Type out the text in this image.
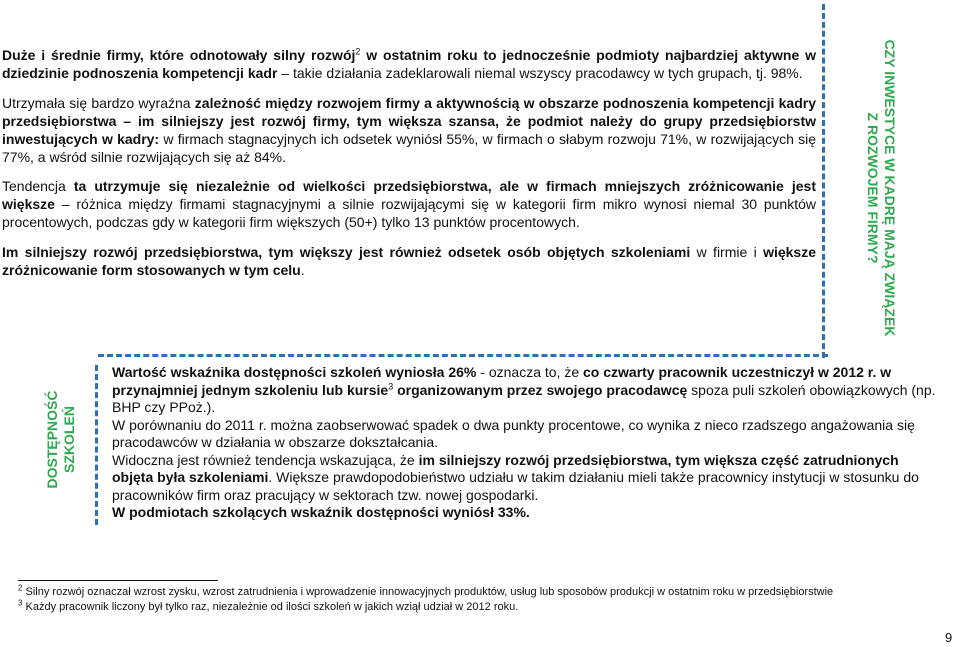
Duże i średnie firmy, które odnotowały silny rozwój$^2$ w ostatnim roku to jednocześnie podmioty najbardziej aktywne w dziedzinie podnoszenia kompetencji kadr – takie działania zadeklarowali niemal wszyscy pracodawcy w tych grupach, tj. 98%.

Utrzymała się bardzo wyraźna zależność między rozwojem firmy a aktywnością w obszarze podnoszenia kompetencji kadry przedsiębiorstwa – im silniejszy jest rozwój firmy, tym większa szansa, że podmiot należy do grupy przedsiębiorstw inwestujących w kadry: w firmach stagnacyjnych ich odsetek wyniósł 55%, w firmach o słabym rozwoju 71%, w rozwijających się 77%, a wśród silnie rozwijających się aż 84%.

Tendencja ta utrzymuje się niezależnie od wielkości przedsiębiorstwa, ale w firmach mniejszych zróżnicowanie jest większe – różnica między firmami stagnacyjnymi a silnie rozwijającymi się w kategorii firm mikro wynosi niemal 30 punktów procentowych, podczas gdy w kategorii firm większych (50+) tylko 13 punktów procentowych.

Im silniejszy rozwój przedsiębiorstwa, tym większy jest również odsetek osób objętych szkoleniami w firmie i większe zróżnicowanie form stosowanych w tym celu.	CZY INWESTYCE W KADRĘ MAJĄ ZWIĄZEK
Z ROZWOJEM FIRMY?
DOSTĘPNOŚĆ SZKOLEŃ

Wartość wskaźnika dostępności szkoleń wyniosła 26% - oznacza to, że co czwarty pracownik uczestniczył w 2012 r. w przynajmniej jednym szkoleniu lub kursie$^3$ organizowanym przez swojego pracodawcę spoza puli szkoleń obowiązkowych (np. BHP czy PPoż.).

W porównaniu do 2011 r. można zaobserwować spadek o dwa punkty procentowe, co wynika z nieco rzadszego angażowania się pracodawców w działania w obszarze dokształcania.

Widoczna jest również tendencja wskazująca, że im silniejszy rozwój przedsiębiorstwa, tym większa część zatrudnionych objęta była szkoleniami. Większe prawdopodobieństwo udziału w takim działaniu mieli także pracownicy instytucji w stosunku do pracowników firm oraz pracujący w sektorach tzw. nowej gospodarki.

W podmiotach szkolących wskaźnik dostępności wyniósł 33%.

$^2$ Silny rozwój oznaczał wzrost zysku, wzrost zatrudnienia i wprowadzenie innowacyjnych produktów, usług lub sposobów produkcji w ostatnim roku w przedsiębiorstwie

$^3$ Każdy pracownik liczony był tylko raz, niezależnie od ilości szkoleń w jakich wziął udział w 2012 roku.

9
